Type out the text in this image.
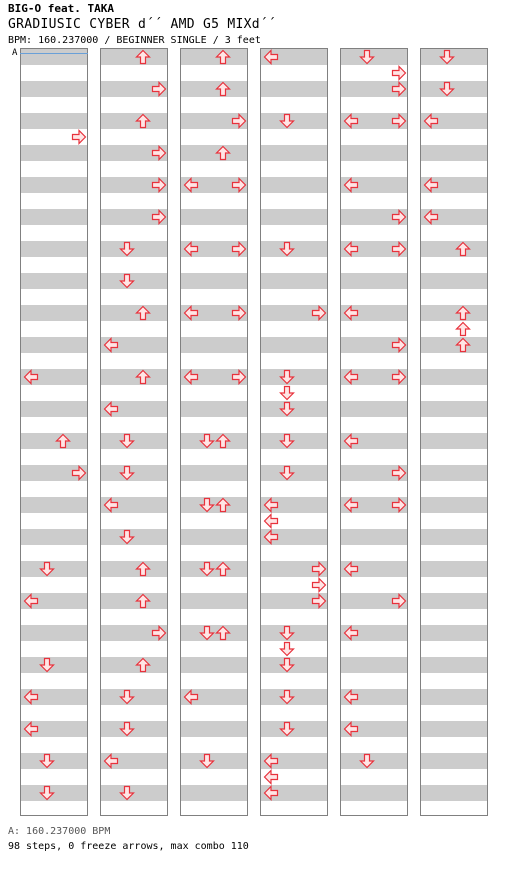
BIG-O feat. TAKA
GRADIUSIC CYBER d´´ AMD G5 MIXd´´
BPM: 160.237000 / BEGINNER SINGLE / 3 feet
A
A: 160.237000 BPM
98 steps, 0 freeze arrows, max combo 110
